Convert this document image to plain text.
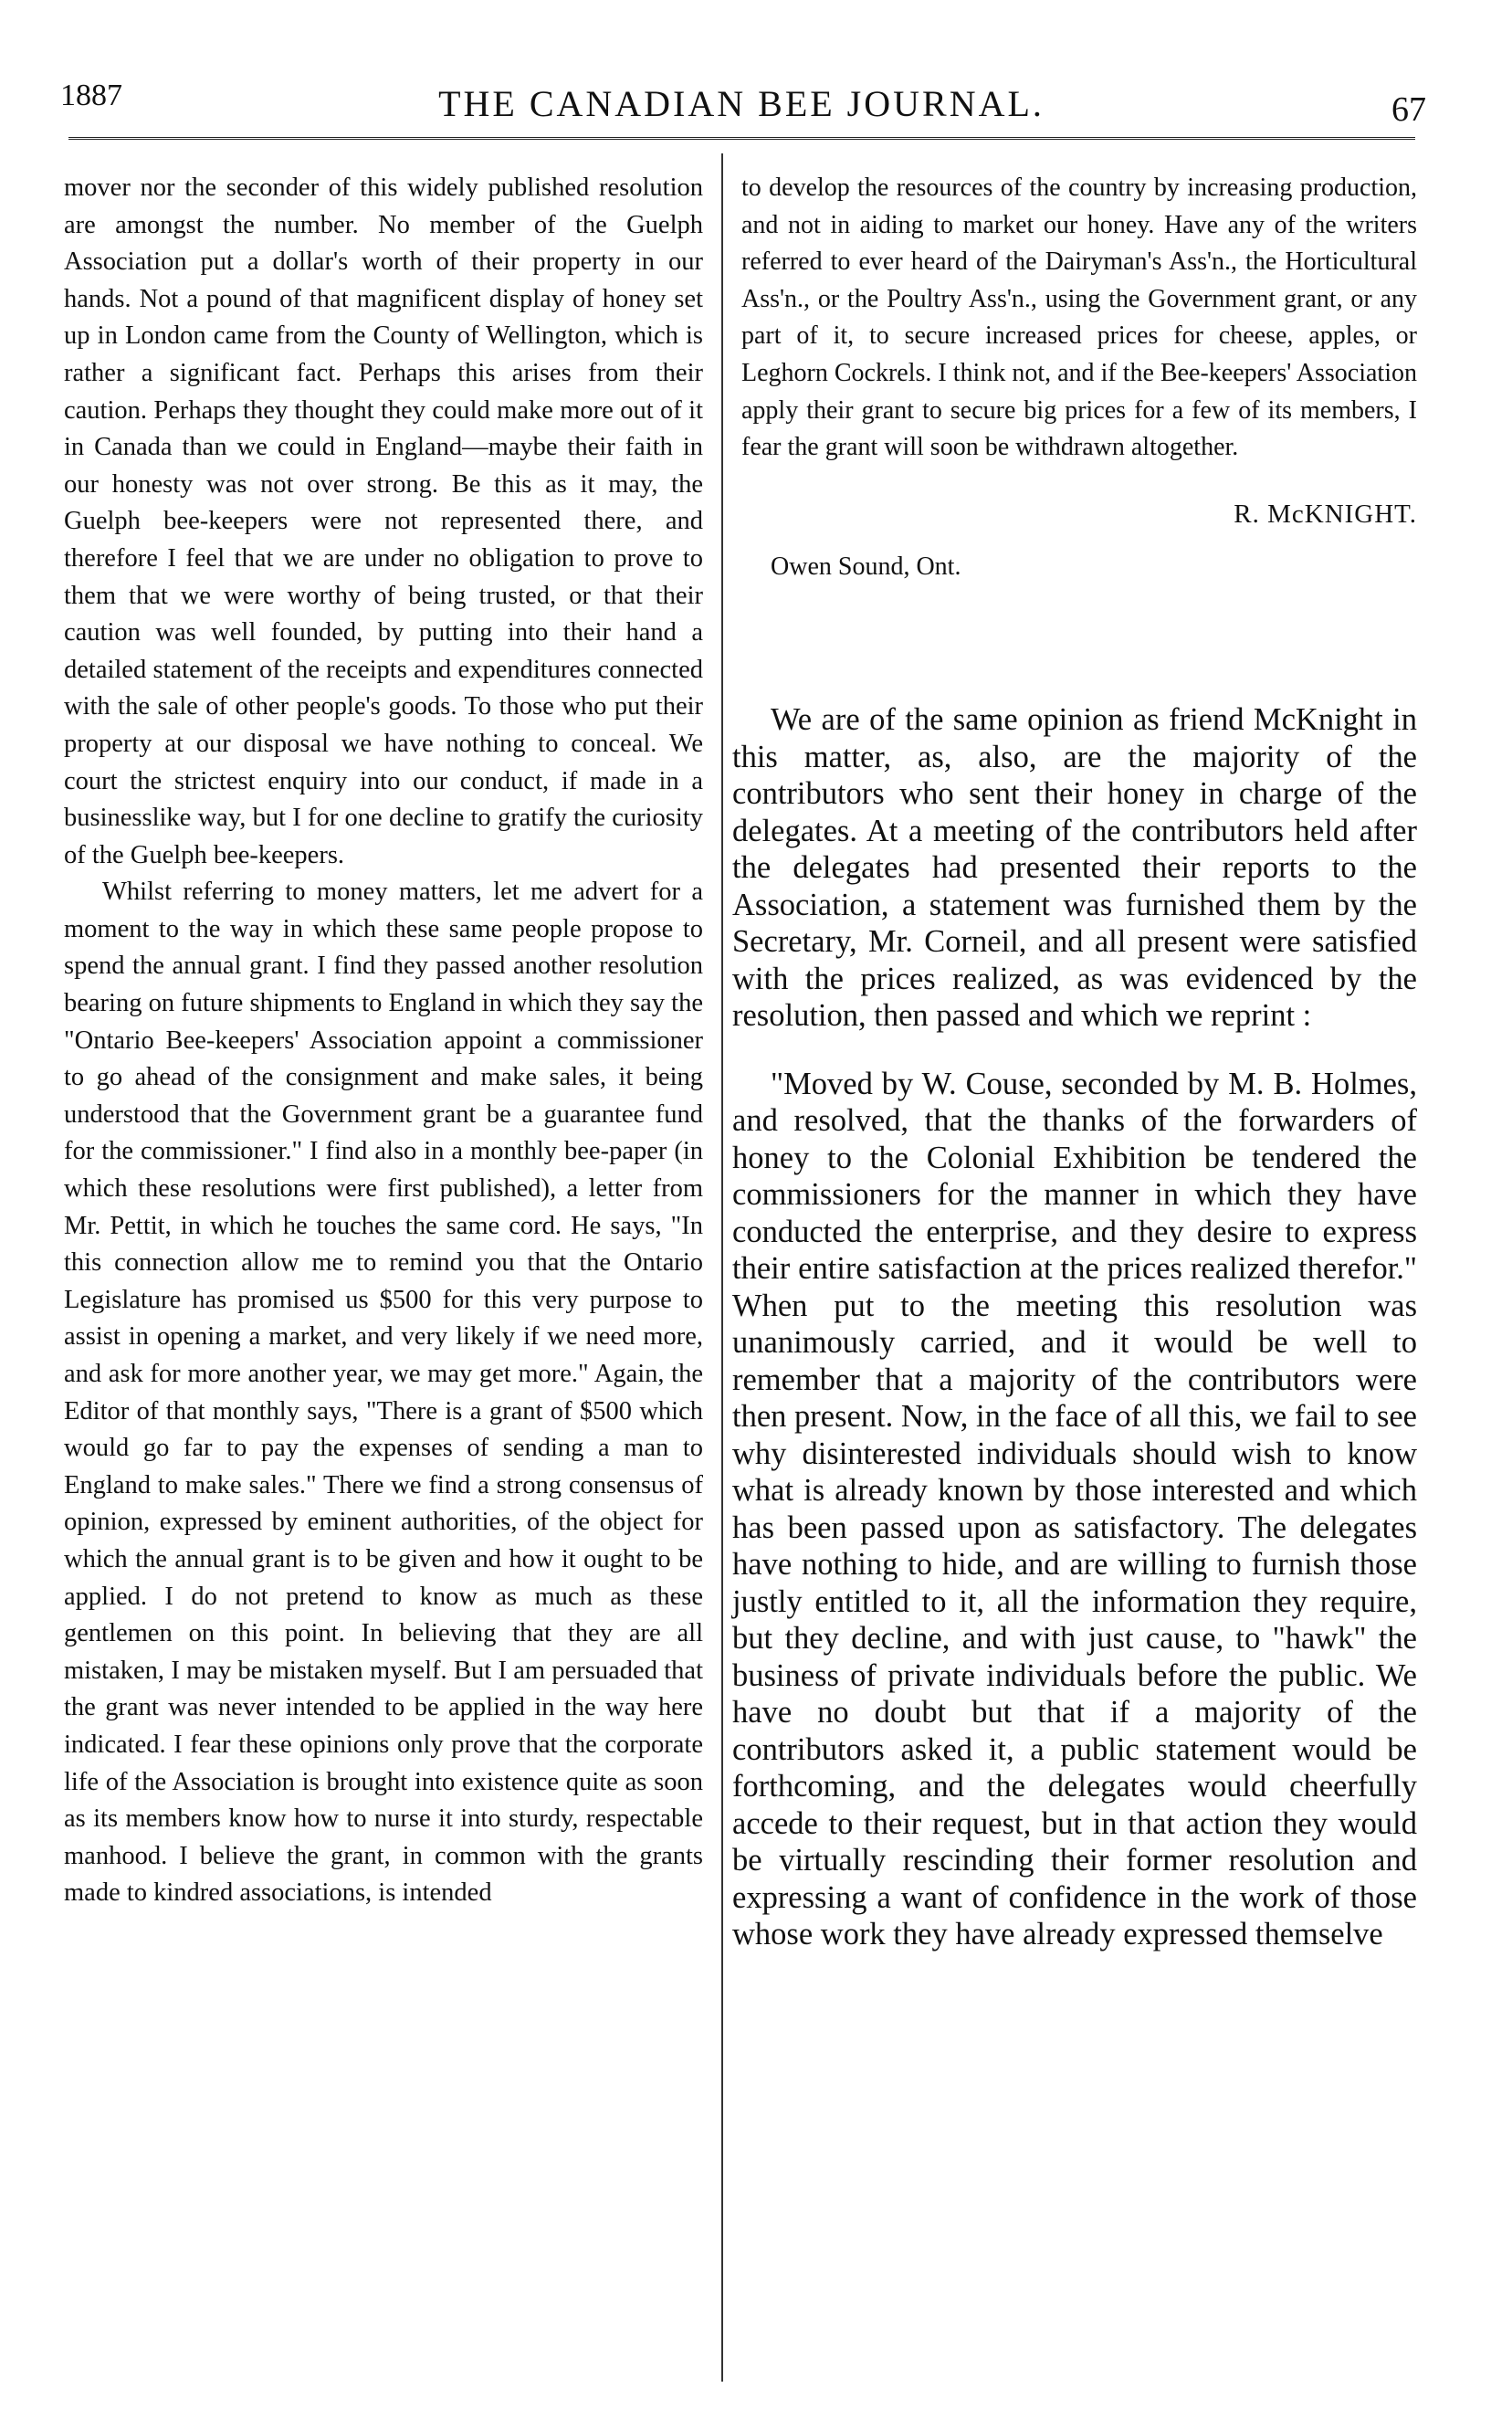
1887	THE CANADIAN BEE JOURNAL.	67

mover nor the seconder of this widely published resolution are amongst the number. No member of the Guelph Association put a dollar's worth of their property in our hands. Not a pound of that magnificent display of honey set up in London came from the County of Wellington, which is rather a significant fact. Perhaps this arises from their caution. Perhaps they thought they could make more out of it in Canada than we could in England—maybe their faith in our honesty was not over strong. Be this as it may, the Guelph bee-keepers were not represented there, and therefore I feel that we are under no obligation to prove to them that we were worthy of being trusted, or that their caution was well founded, by putting into their hand a detailed statement of the receipts and expenditures connected with the sale of other people's goods. To those who put their property at our disposal we have nothing to conceal. We court the strictest enquiry into our conduct, if made in a businesslike way, but I for one decline to gratify the curiosity of the Guelph bee-keepers.

Whilst referring to money matters, let me advert for a moment to the way in which these same people propose to spend the annual grant. I find they passed another resolution bearing on future shipments to England in which they say the "Ontario Bee-keepers' Association appoint a commissioner to go ahead of the consignment and make sales, it being understood that the Government grant be a guarantee fund for the commissioner." I find also in a monthly bee-paper (in which these resolutions were first published), a letter from Mr. Pettit, in which he touches the same cord. He says, "In this connection allow me to remind you that the Ontario Legislature has promised us $500 for this very purpose to assist in opening a market, and very likely if we need more, and ask for more another year, we may get more." Again, the Editor of that monthly says, "There is a grant of $500 which would go far to pay the expenses of sending a man to England to make sales." There we find a strong consensus of opinion, expressed by eminent authorities, of the object for which the annual grant is to be given and how it ought to be applied. I do not pretend to know as much as these gentlemen on this point. In believing that they are all mistaken, I may be mistaken myself. But I am persuaded that the grant was never intended to be applied in the way here indicated. I fear these opinions only prove that the corporate life of the Association is brought into existence quite as soon as its members know how to nurse it into sturdy, respectable manhood. I believe the grant, in common with the grants made to kindred associations, is intended

to develop the resources of the country by increasing production, and not in aiding to market our honey. Have any of the writers referred to ever heard of the Dairyman's Ass'n., the Horticultural Ass'n., or the Poultry Ass'n., using the Government grant, or any part of it, to secure increased prices for cheese, apples, or Leghorn Cockrels. I think not, and if the Bee-keepers' Association apply their grant to secure big prices for a few of its members, I fear the grant will soon be withdrawn altogether.

R. McKNIGHT.

Owen Sound, Ont.

We are of the same opinion as friend McKnight in this matter, as, also, are the majority of the contributors who sent their honey in charge of the delegates. At a meeting of the contributors held after the delegates had presented their reports to the Association, a statement was furnished them by the Secretary, Mr. Corneil, and all present were satisfied with the prices realized, as was evidenced by the resolution, then passed and which we reprint :

"Moved by W. Couse, seconded by M. B. Holmes, and resolved, that the thanks of the forwarders of honey to the Colonial Exhibition be tendered the commissioners for the manner in which they have conducted the enterprise, and they desire to express their entire satisfaction at the prices realized therefor." When put to the meeting this resolution was unanimously carried, and it would be well to remember that a majority of the contributors were then present. Now, in the face of all this, we fail to see why disinterested individuals should wish to know what is already known by those interested and which has been passed upon as satisfactory. The delegates have nothing to hide, and are willing to furnish those justly entitled to it, all the information they require, but they decline, and with just cause, to "hawk" the business of private individuals before the public. We have no doubt but that if a majority of the contributors asked it, a public statement would be forthcoming, and the delegates would cheerfully accede to their request, but in that action they would be virtually rescinding their former resolution and expressing a want of confidence in the work of those whose work they have already expressed themselve
